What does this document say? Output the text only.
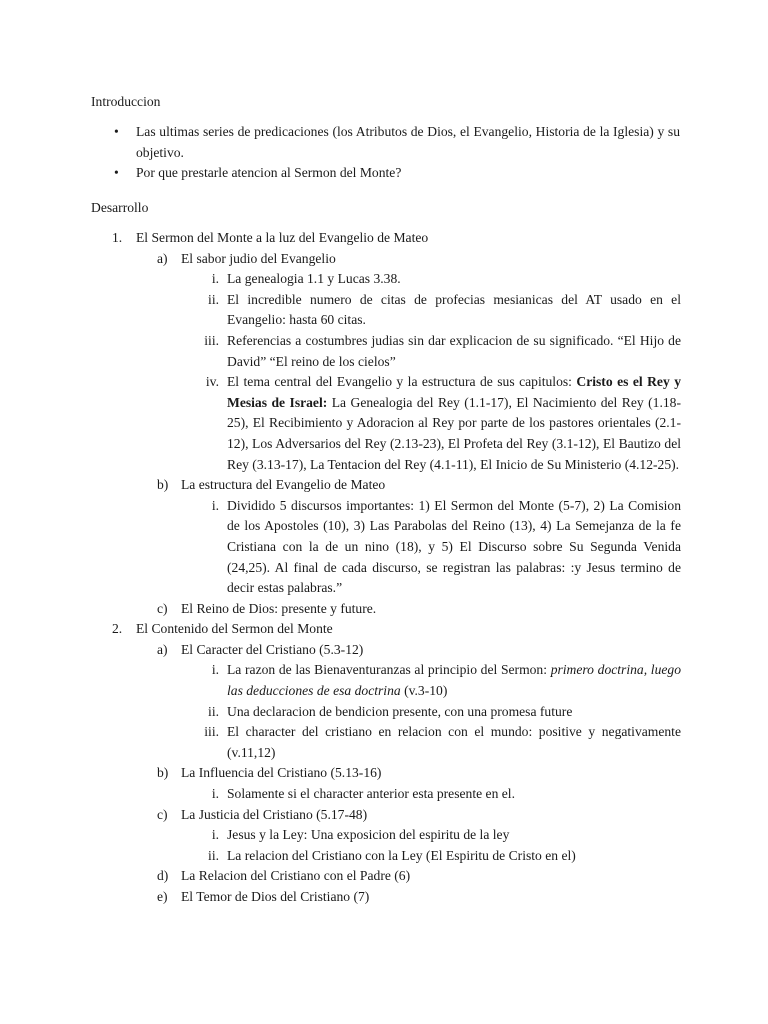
Introduccion

• Las ultimas series de predicaciones (los Atributos de Dios, el Evangelio, Historia de la Iglesia) y su objetivo.
• Por que prestarle atencion al Sermon del Monte?

Desarrollo

1.	El Sermon del Monte a la luz del Evangelio de Mateo
a) El sabor judio del Evangelio
i. La genealogia 1.1 y Lucas 3.38.
ii. El incredible numero de citas de profecias mesianicas del AT usado en el Evangelio: hasta 60 citas.
iii. Referencias a costumbres judias sin dar explicacion de su significado. “El Hijo de David” “El reino de los cielos”
iv. El tema central del Evangelio y la estructura de sus capitulos: Cristo es el Rey y Mesias de Israel: La Genealogia del Rey (1.1-17), El Nacimiento del Rey (1.18-25), El Recibimiento y Adoracion al Rey por parte de los pastores orientales (2.1-12), Los Adversarios del Rey (2.13-23), El Profeta del Rey (3.1-12), El Bautizo del Rey (3.13-17), La Tentacion del Rey (4.1-11), El Inicio de Su Ministerio (4.12-25).
b) La estructura del Evangelio de Mateo
i. Dividido 5 discursos importantes: 1) El Sermon del Monte (5-7), 2) La Comision de los Apostoles (10), 3) Las Parabolas del Reino (13), 4) La Semejanza de la fe Cristiana con la de un nino (18), y 5) El Discurso sobre Su Segunda Venida (24,25). Al final de cada discurso, se registran las palabras: :y Jesus termino de decir estas palabras.”
c) El Reino de Dios: presente y future.
2.	El Contenido del Sermon del Monte
a) El Caracter del Cristiano (5.3-12)
i. La razon de las Bienaventuranzas al principio del Sermon: primero doctrina, luego las deducciones de esa doctrina (v.3-10)
ii. Una declaracion de bendicion presente, con una promesa future
iii. El character del cristiano en relacion con el mundo: positive y negativamente (v.11,12)
b) La Influencia del Cristiano (5.13-16)
i. Solamente si el character anterior esta presente en el.
c) La Justicia del Cristiano (5.17-48)
i. Jesus y la Ley: Una exposicion del espiritu de la ley
ii. La relacion del Cristiano con la Ley (El Espiritu de Cristo en el)
d) La Relacion del Cristiano con el Padre (6)
e) El Temor de Dios del Cristiano (7)
